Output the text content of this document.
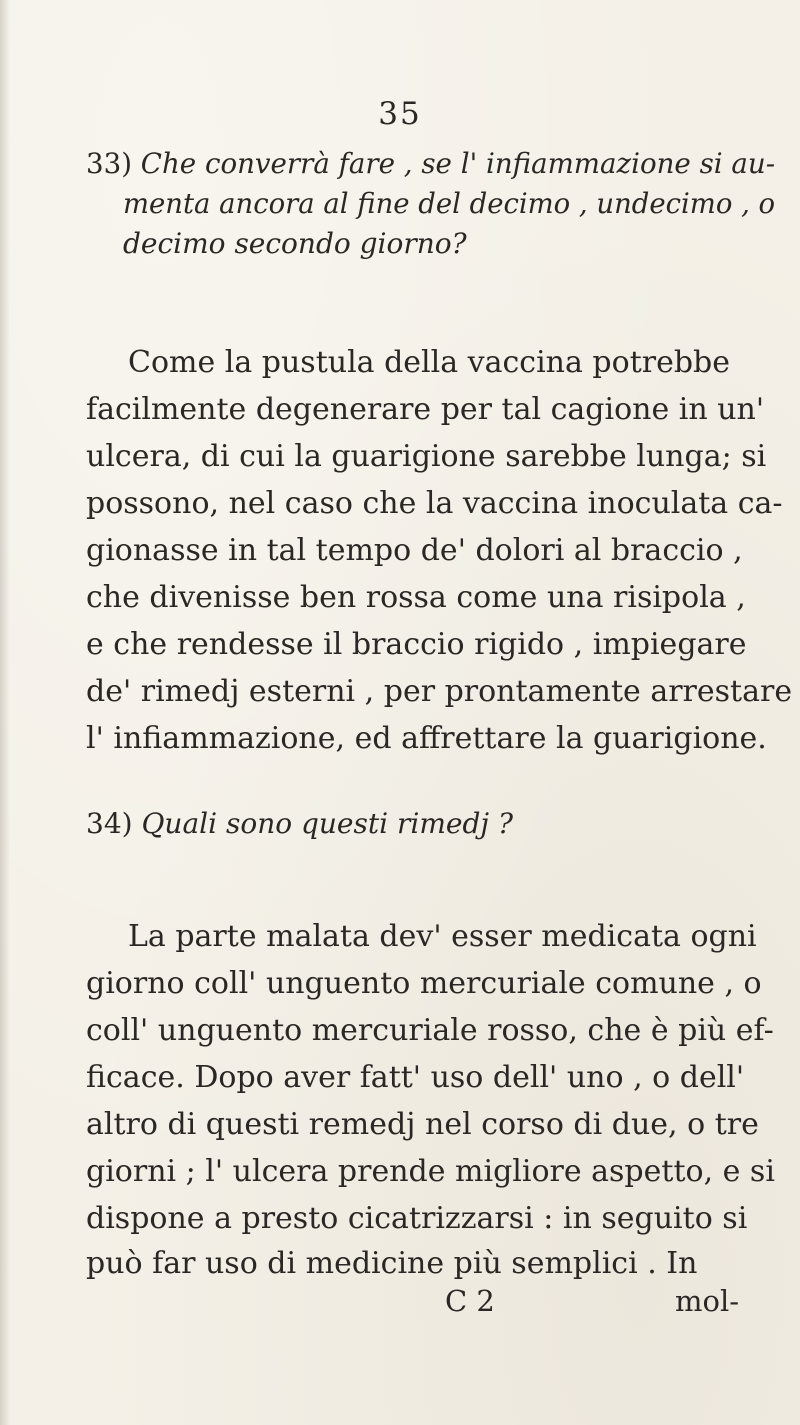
35
33) Che converrà fare , se l' infiammazione si au-
menta ancora al fine del decimo , undecimo , o
decimo secondo giorno?
Come la pustula della vaccina potrebbe
facilmente degenerare per tal cagione in un'
ulcera, di cui la guarigione sarebbe lunga; si
possono, nel caso che la vaccina inoculata ca-
gionasse in tal tempo de' dolori al braccio ,
che divenisse ben rossa come una risipola ,
e che rendesse il braccio rigido , impiegare
de' rimedj esterni , per prontamente arrestare
l' infiammazione, ed affrettare la guarigione.
34) Quali sono questi rimedj ?
La parte malata dev' esser medicata ogni
giorno coll' unguento mercuriale comune , o
coll' unguento mercuriale rosso, che è più ef-
ficace. Dopo aver fatt' uso dell' uno , o dell'
altro di questi remedj nel corso di due, o tre
giorni ; l' ulcera prende migliore aspetto, e si
dispone a presto cicatrizzarsi : in seguito si
può far uso di medicine più semplici . In
C 2	mol-
